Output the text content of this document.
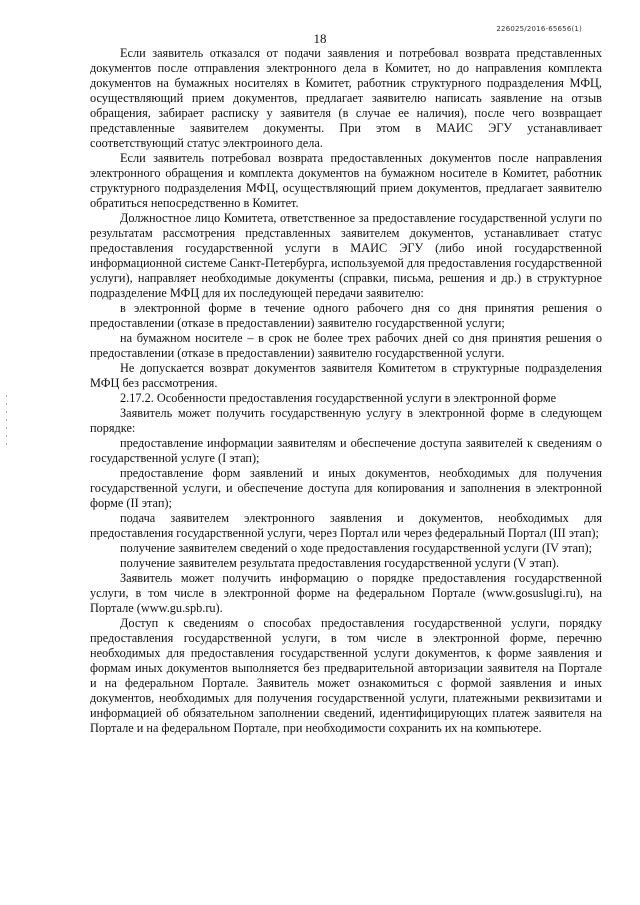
226025/2016-65656(1)
18

Если заявитель отказался от подачи заявления и потребовал возврата представленных документов после отправления электронного дела в Комитет, но до направления комплекта документов на бумажных носителях в Комитет, работник структурного подразделения МФЦ, осуществляющий прием документов, предлагает заявителю написать заявление на отзыв обращения, забирает расписку у заявителя (в случае ее наличия), после чего возвращает представленные заявителем документы. При этом в МАИС ЭГУ устанавливает соответствующий статус электроиного дела.

Если заявитель потребовал возврата предоставленных документов после направления электронного обращения и комплекта документов на бумажном носителе в Комитет, работник структурного подразделения МФЦ, осуществляющий прием документов, предлагает заявителю обратиться непосредственно в Комитет.

Должностное лицо Комитета, ответственное за предоставление государственной услуги по результатам рассмотрения представленных заявителем документов, устанавливает статус предоставления государственной услуги в МАИС ЭГУ (либо иной государственной информационной системе Санкт-Петербурга, используемой для предоставления государственной услуги), направляет необходимые документы (справки, письма, решения и др.) в структурное подразделение МФЦ для их последующей передачи заявителю:

в электронной форме в течение одного рабочего дня со дня принятия решения о предоставлении (отказе в предоставлении) заявителю государственной услуги;

на бумажном носителе – в срок не более трех рабочих дней со дня принятия решения о предоставлении (отказе в предоставлении) заявителю государственной услуги.

Не допускается возврат документов заявителя Комитетом в структурные подразделения МФЦ без рассмотрения.

2.17.2. Особенности предоставления государственной услуги в электронной форме

Заявитель может получить государственную услугу в электронной форме в следующем порядке:

предоставление информации заявителям и обеспечение доступа заявителей к сведениям о государственной услуге (I этап);

предоставление форм заявлений и иных документов, необходимых для получения государственной услуги, и обеспечение доступа для копирования и заполнения в электронной форме (II этап);

подача заявителем электронного заявления и документов, необходимых для предоставления государственной услуги, через Портал или через федеральный Портал (III этап);

получение заявителем сведений о ходе предоставления государственной услуги (IV этап);

получение заявителем результата предоставления государственной услуги (V этап).

Заявитель может получить информацию о порядке предоставления государственной услуги, в том числе в электронной форме на федеральном Портале (www.gosuslugi.ru), на Портале (www.gu.spb.ru).

Доступ к сведениям о способах предоставления государственной услуги, порядку предоставления государственной услуги, в том числе в электронной форме, перечню необходимых для предоставления государственной услуги документов, к форме заявления и формам иных документов выполняется без предварительной авторизации заявителя на Портале и на федеральном Портале. Заявитель может ознакомиться с формой заявления и иных документов, необходимых для получения государственной услуги, платежными реквизитами и информацией об обязательном заполнении сведений, идентифицирующих платеж заявителя на Портале и на федеральном Портале, при необходимости сохранить их на компьютере.
